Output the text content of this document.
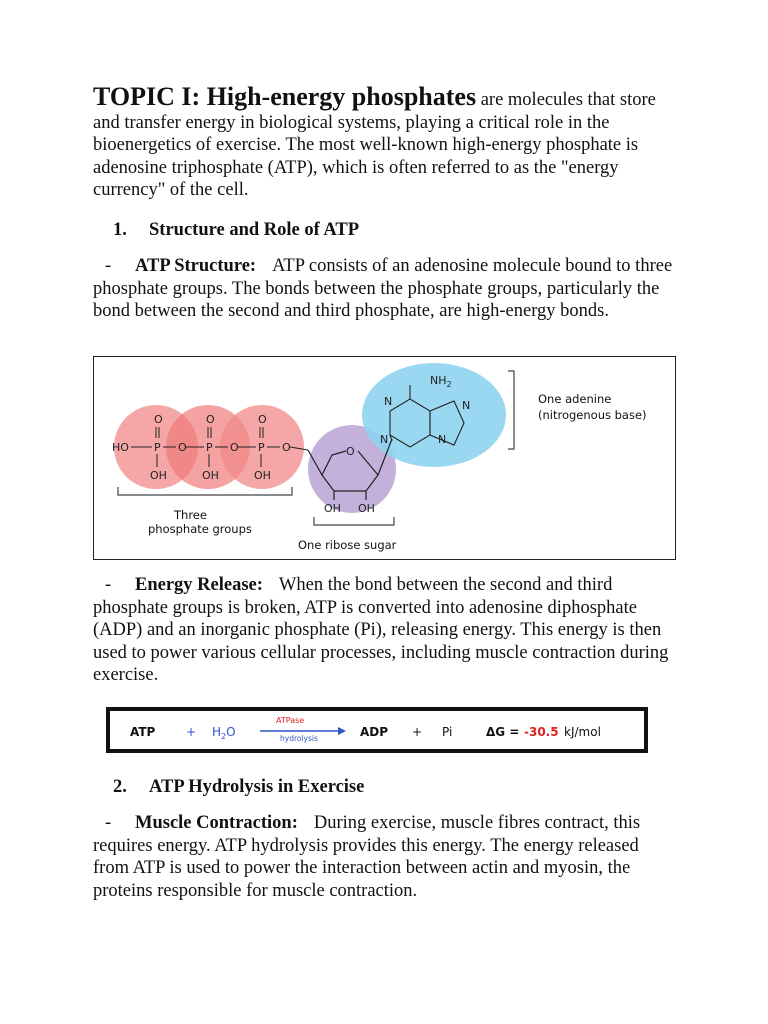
TOPIC I: High-energy phosphates are molecules that store and transfer energy in biological systems, playing a critical role in the bioenergetics of exercise. The most well-known high-energy phosphate is adenosine triphosphate (ATP), which is often referred to as the "energy currency" of the cell.

1. Structure and Role of ATP

- ATP Structure: ATP consists of an adenosine molecule bound to three phosphate groups. The bonds between the phosphate groups, particularly the bond between the second and third phosphate, are high-energy bonds.

HO
O	O	O
P	P	P
O	O	O
OH	OH	OH
O
OH OH
$NH_2$
N	N
N	N
One adenine
(nitrogenous base)
Three
phosphate groups
One ribose sugar

- Energy Release: When the bond between the second and third phosphate groups is broken, ATP is converted into adenosine diphosphate (ADP) and an inorganic phosphate (Pi), releasing energy. This energy is then used to power various cellular processes, including muscle contraction during exercise.

ATP	+ $H_2O$
ATPase
hydrolysis	ADP + Pi	ΔG = -30.5 kJ/mol

2. ATP Hydrolysis in Exercise

- Muscle Contraction: During exercise, muscle fibres contract, this requires energy. ATP hydrolysis provides this energy. The energy released from ATP is used to power the interaction between actin and myosin, the proteins responsible for muscle contraction.
